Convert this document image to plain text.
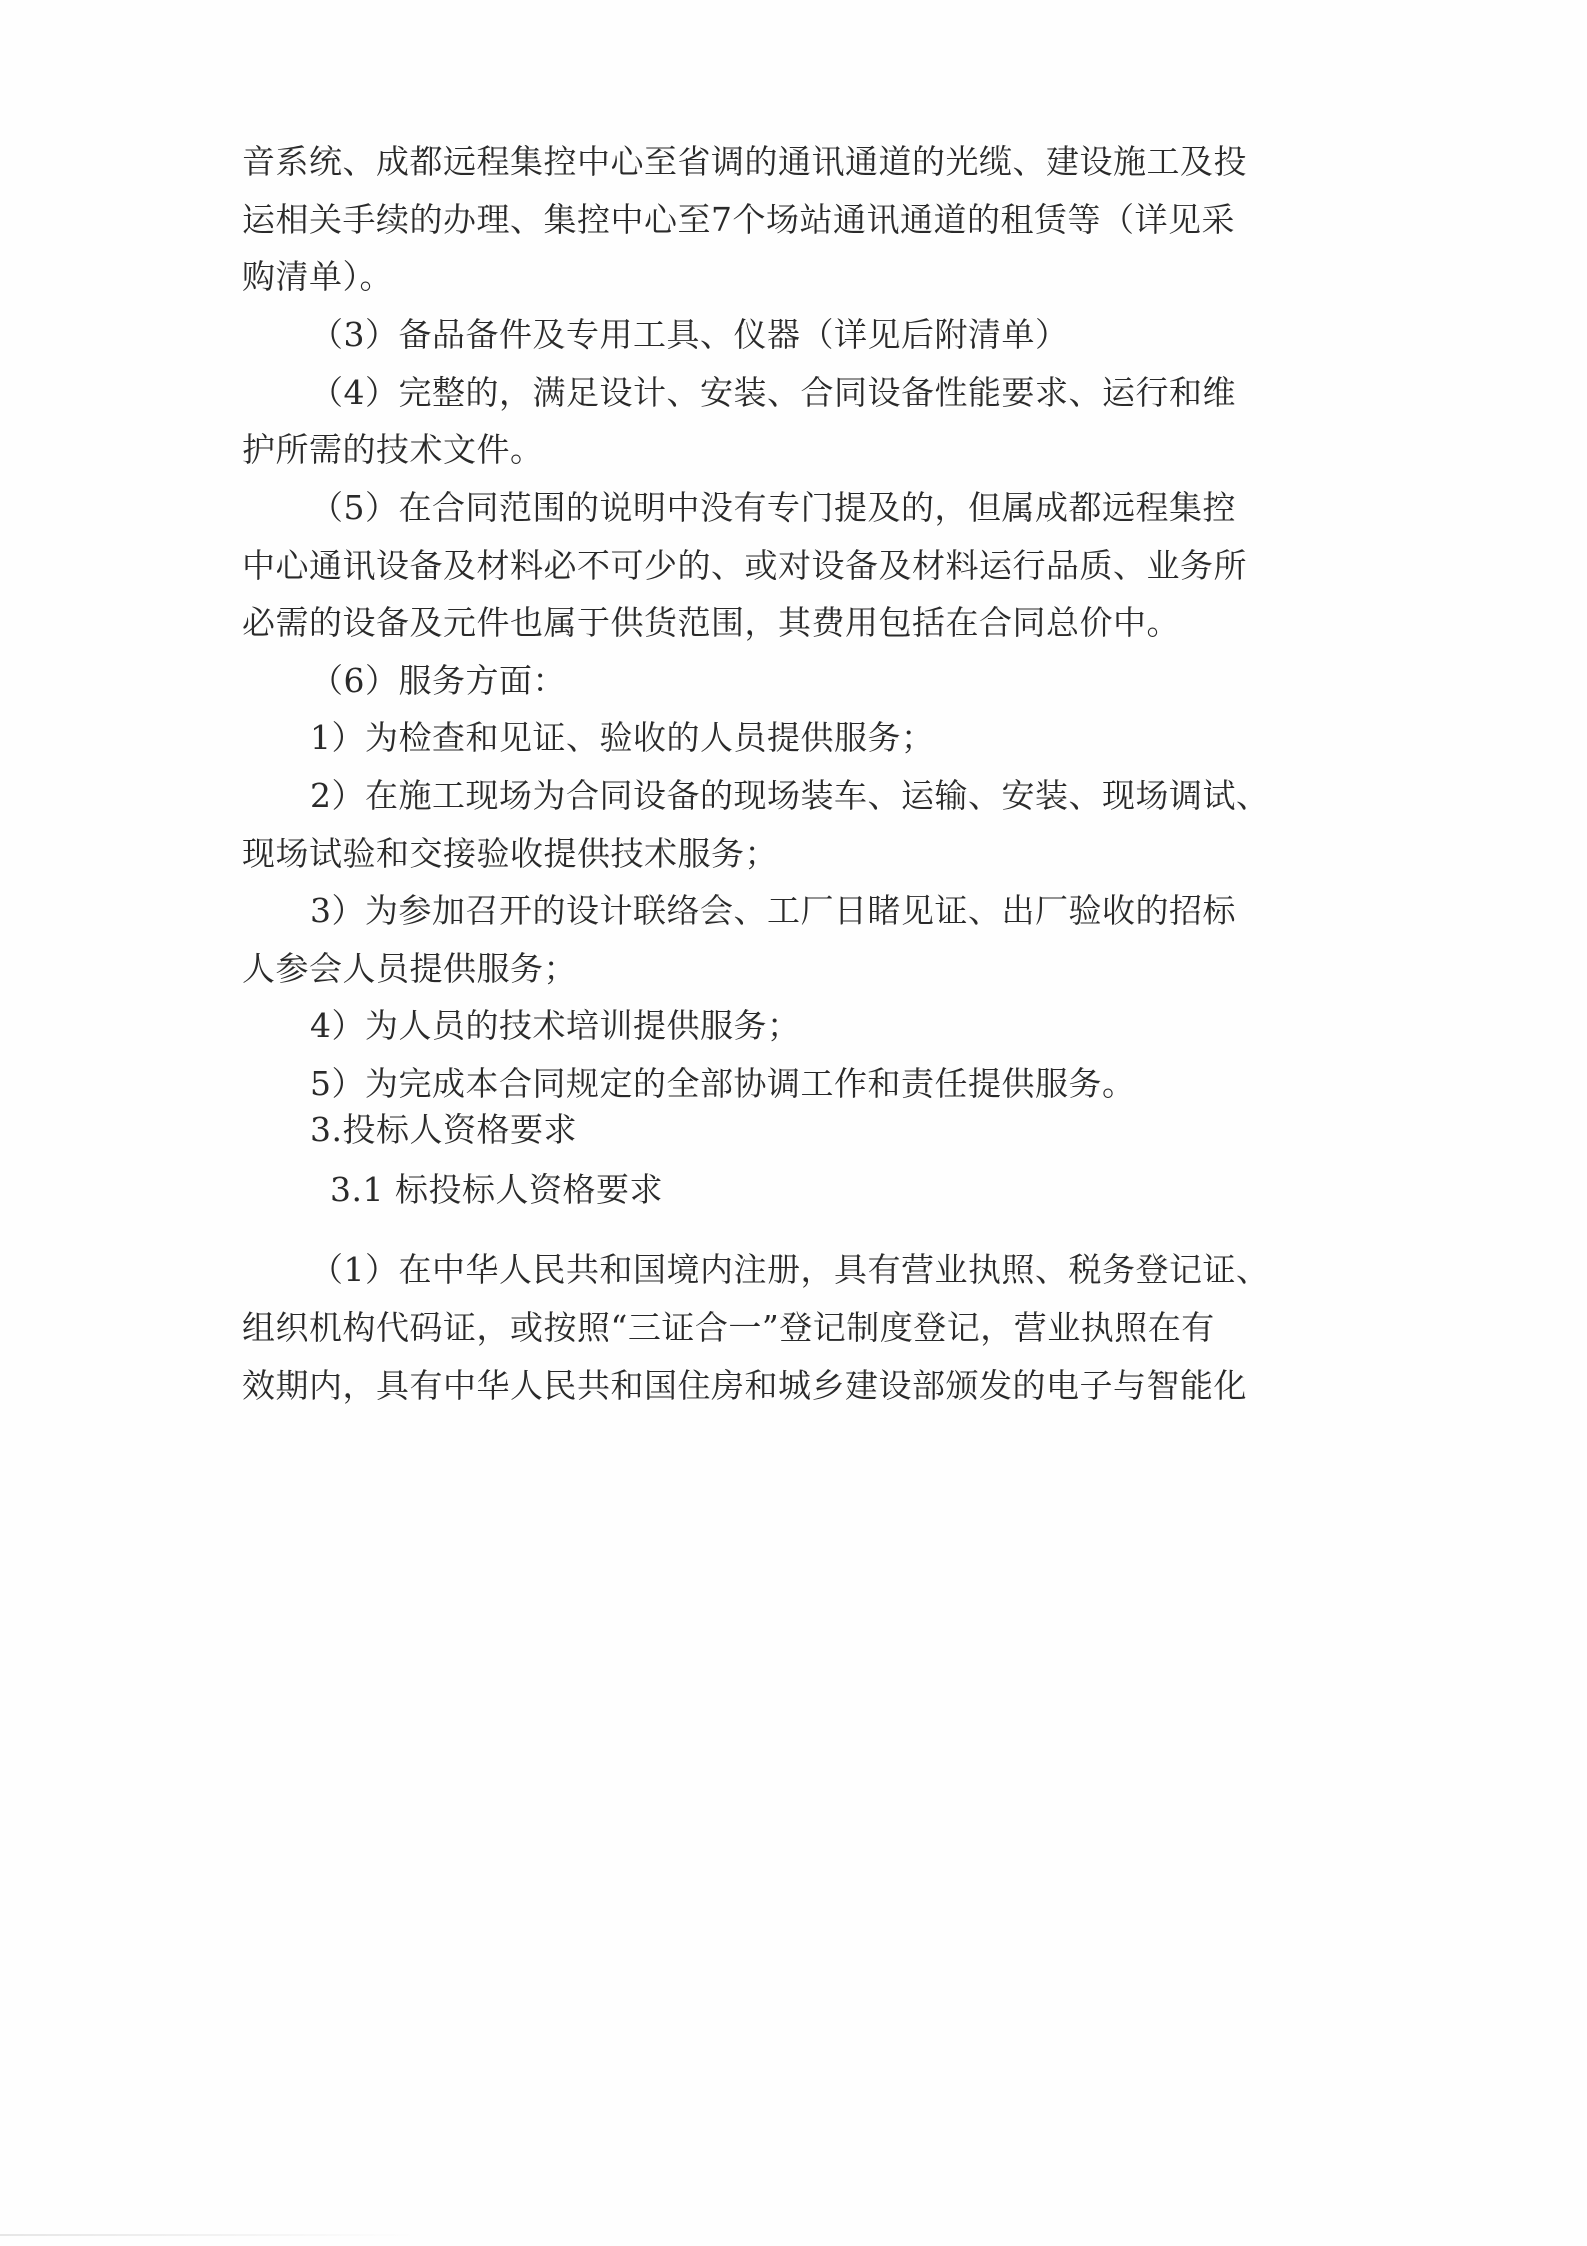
音系统、成都远程集控中心至省调的通讯通道的光缆、建设施工及投
运相关手续的办理、集控中心至7个场站通讯通道的租赁等（详见采
购清单）。
（3）备品备件及专用工具、仪器（详见后附清单）
（4）完整的，满足设计、安装、合同设备性能要求、运行和维
护所需的技术文件。
（5）在合同范围的说明中没有专门提及的，但属成都远程集控
中心通讯设备及材料必不可少的、或对设备及材料运行品质、业务所
必需的设备及元件也属于供货范围，其费用包括在合同总价中。
（6）服务方面：
1）为检查和见证、验收的人员提供服务；
2）在施工现场为合同设备的现场装车、运输、安装、现场调试、
现场试验和交接验收提供技术服务；
3）为参加召开的设计联络会、工厂日睹见证、出厂验收的招标
人参会人员提供服务；
4）为人员的技术培训提供服务；
5）为完成本合同规定的全部协调工作和责任提供服务。
3.投标人资格要求
3.1 标投标人资格要求
（1）在中华人民共和国境内注册，具有营业执照、税务登记证、
组织机构代码证，或按照“三证合一”登记制度登记，营业执照在有
效期内，具有中华人民共和国住房和城乡建设部颁发的电子与智能化
